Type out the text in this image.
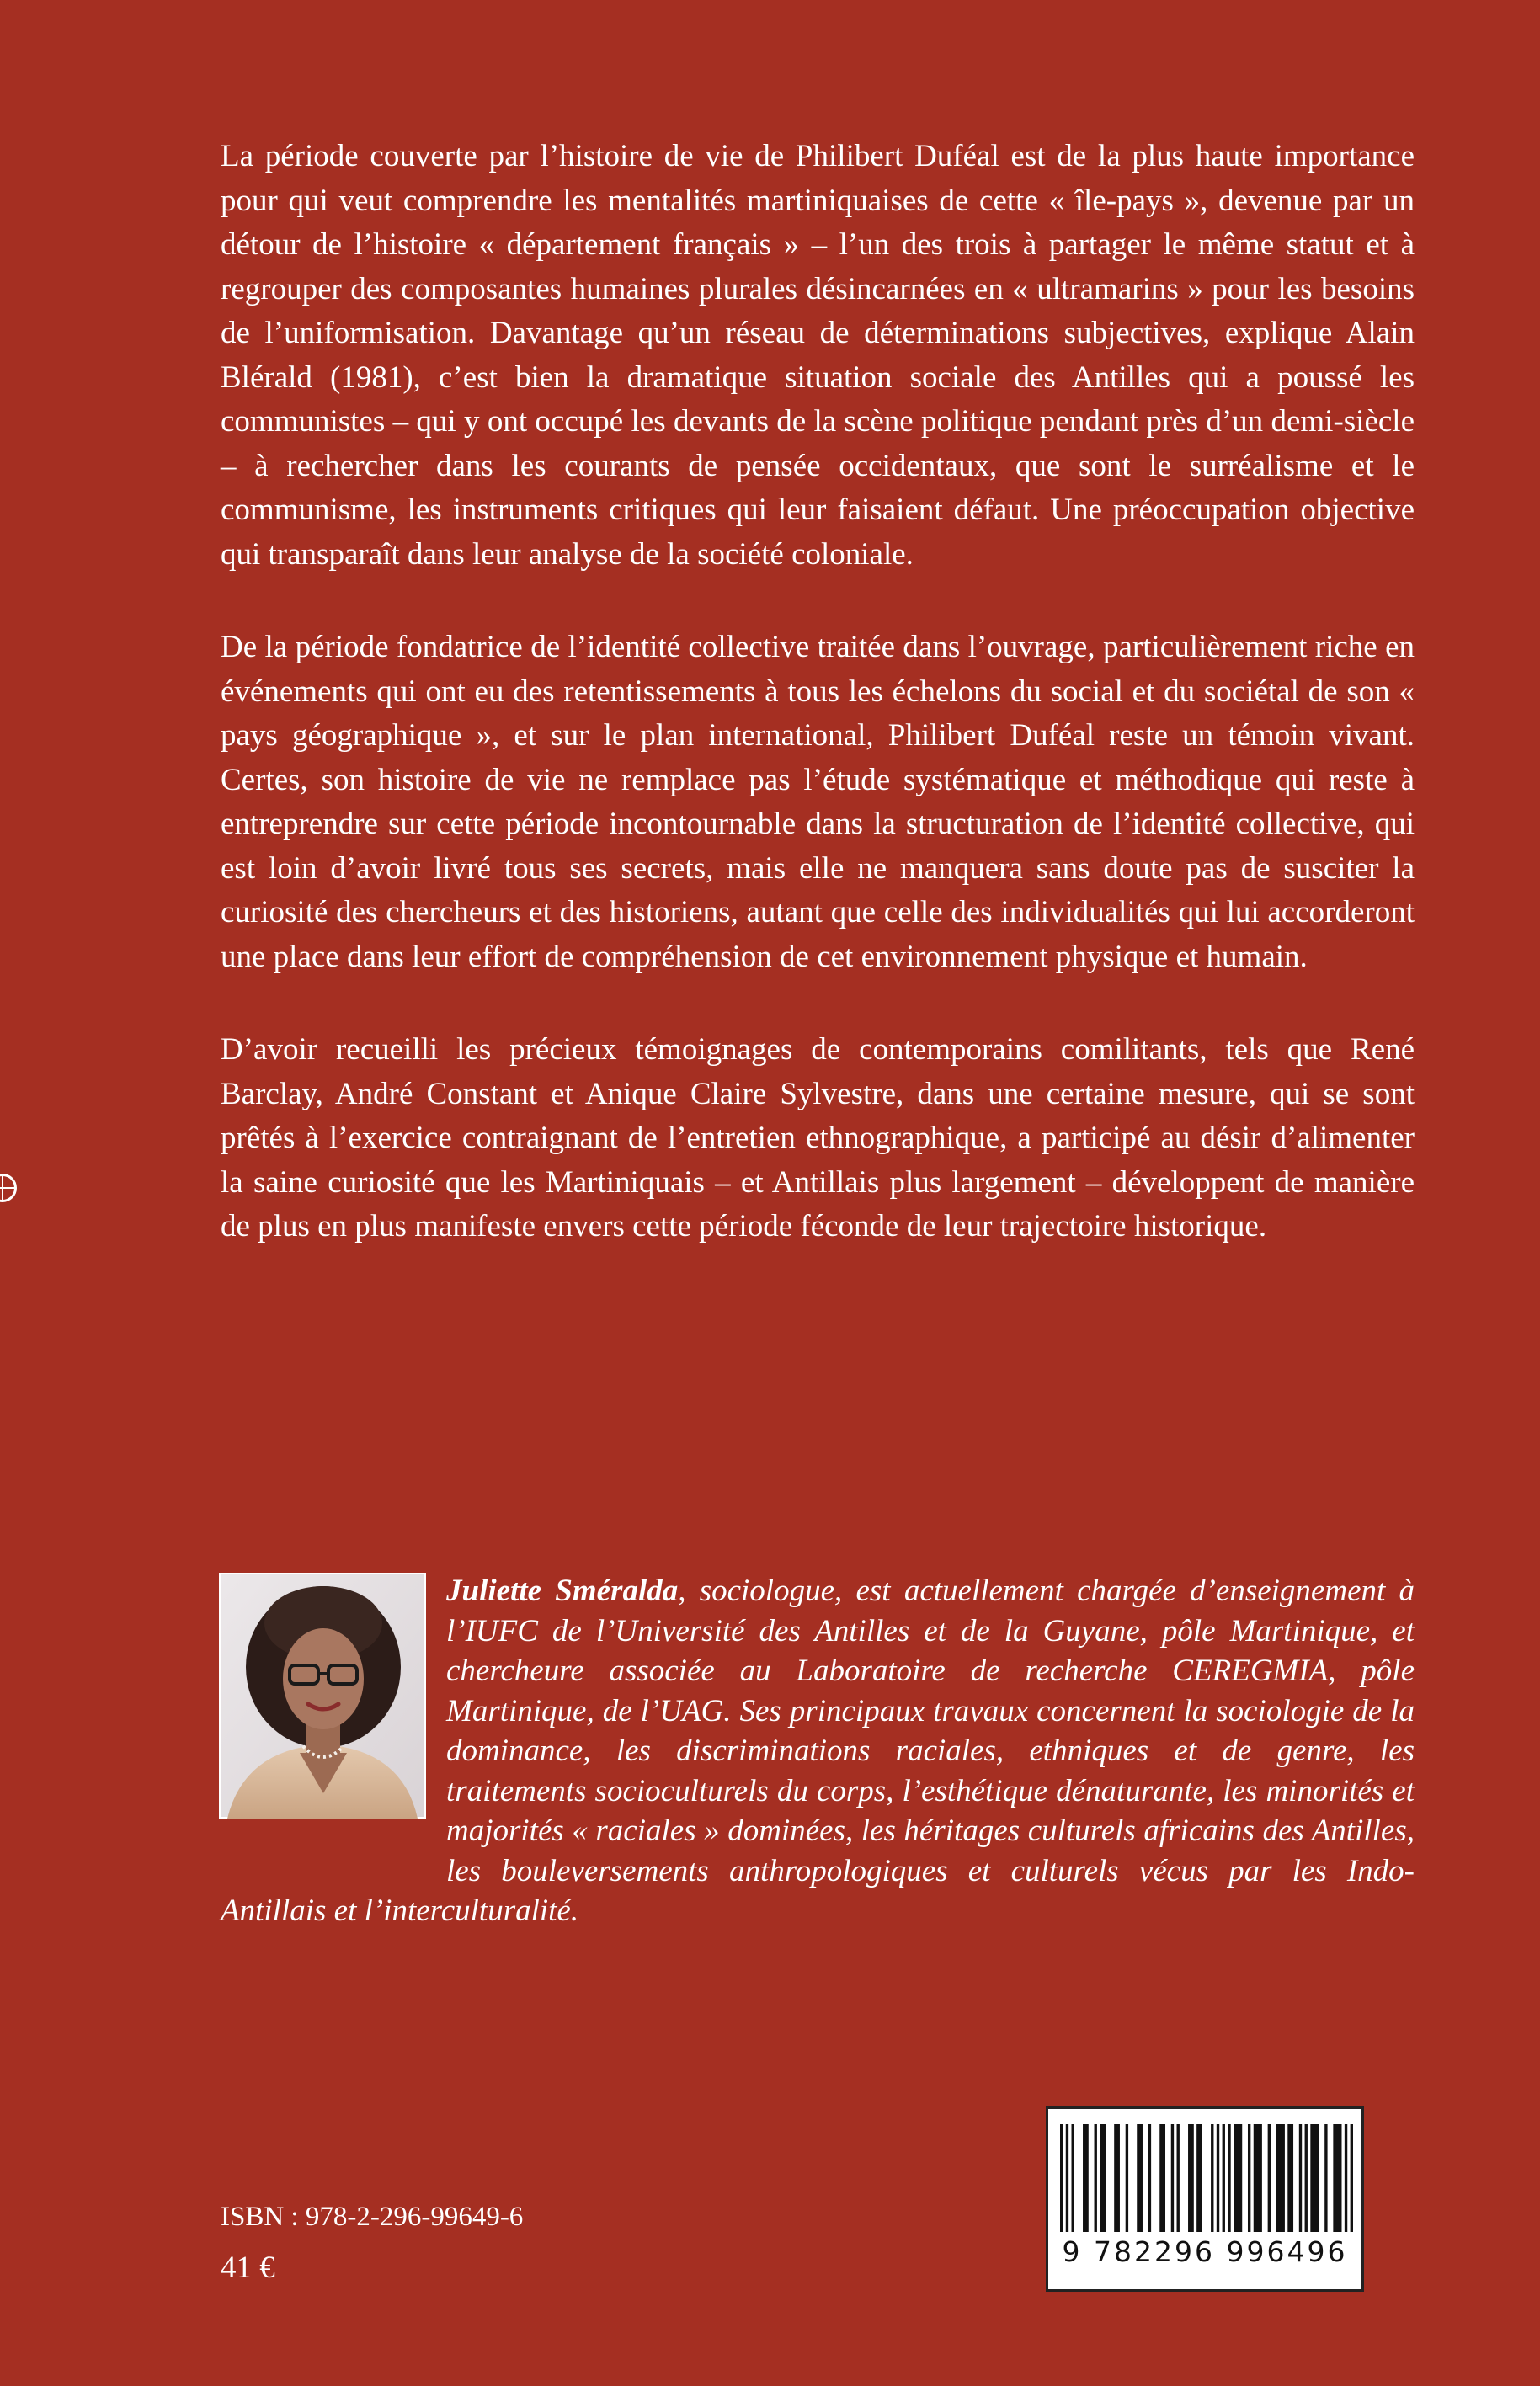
La période couverte par l’histoire de vie de Philibert Duféal est de la plus haute importance pour qui veut comprendre les mentalités martiniquaises de cette « île-pays », devenue par un détour de l’histoire « département français » – l’un des trois à partager le même statut et à regrouper des composantes humaines plurales désincarnées en « ultramarins » pour les besoins de l’uniformisation. Davantage qu’un réseau de déterminations subjectives, explique Alain Blérald (1981), c’est bien la dramatique situation sociale des Antilles qui a poussé les communistes – qui y ont occupé les devants de la scène politique pendant près d’un demi-siècle – à rechercher dans les courants de pensée occidentaux, que sont le surréalisme et le communisme, les instruments critiques qui leur faisaient défaut. Une préoccupation objective qui transparaît dans leur analyse de la société coloniale.

De la période fondatrice de l’identité collective traitée dans l’ouvrage, particulièrement riche en événements qui ont eu des retentissements à tous les échelons du social et du sociétal de son « pays géographique », et sur le plan international, Philibert Duféal reste un témoin vivant. Certes, son histoire de vie ne remplace pas l’étude systématique et méthodique qui reste à entreprendre sur cette période incontournable dans la structuration de l’identité collective, qui est loin d’avoir livré tous ses secrets, mais elle ne manquera sans doute pas de susciter la curiosité des chercheurs et des historiens, autant que celle des individualités qui lui accorderont une place dans leur effort de compréhension de cet environnement physique et humain.

D’avoir recueilli les précieux témoignages de contemporains comilitants, tels que René Barclay, André Constant et Anique Claire Sylvestre, dans une certaine mesure, qui se sont prêtés à l’exercice contraignant de l’entretien ethnographique, a participé au désir d’alimenter la saine curiosité que les Martiniquais – et Antillais plus largement – développent de manière de plus en plus manifeste envers cette période féconde de leur trajectoire historique.

Juliette Sméralda, sociologue, est actuellement chargée d’enseignement à l’IUFC de l’Université des Antilles et de la Guyane, pôle Martinique, et chercheure associée au Laboratoire de recherche CEREGMIA, pôle Martinique, de l’UAG. Ses principaux travaux concernent la sociologie de la dominance, les discriminations raciales, ethniques et de genre, les traitements socioculturels du corps, l’esthétique dénaturante, les minorités et majorités « raciales » dominées, les héritages culturels africains des Antilles, les bouleversements anthropologiques et culturels vécus par les Indo-Antillais et l’interculturalité.

ISBN : 978-2-296-99649-6

41 €	9 782296 996496
